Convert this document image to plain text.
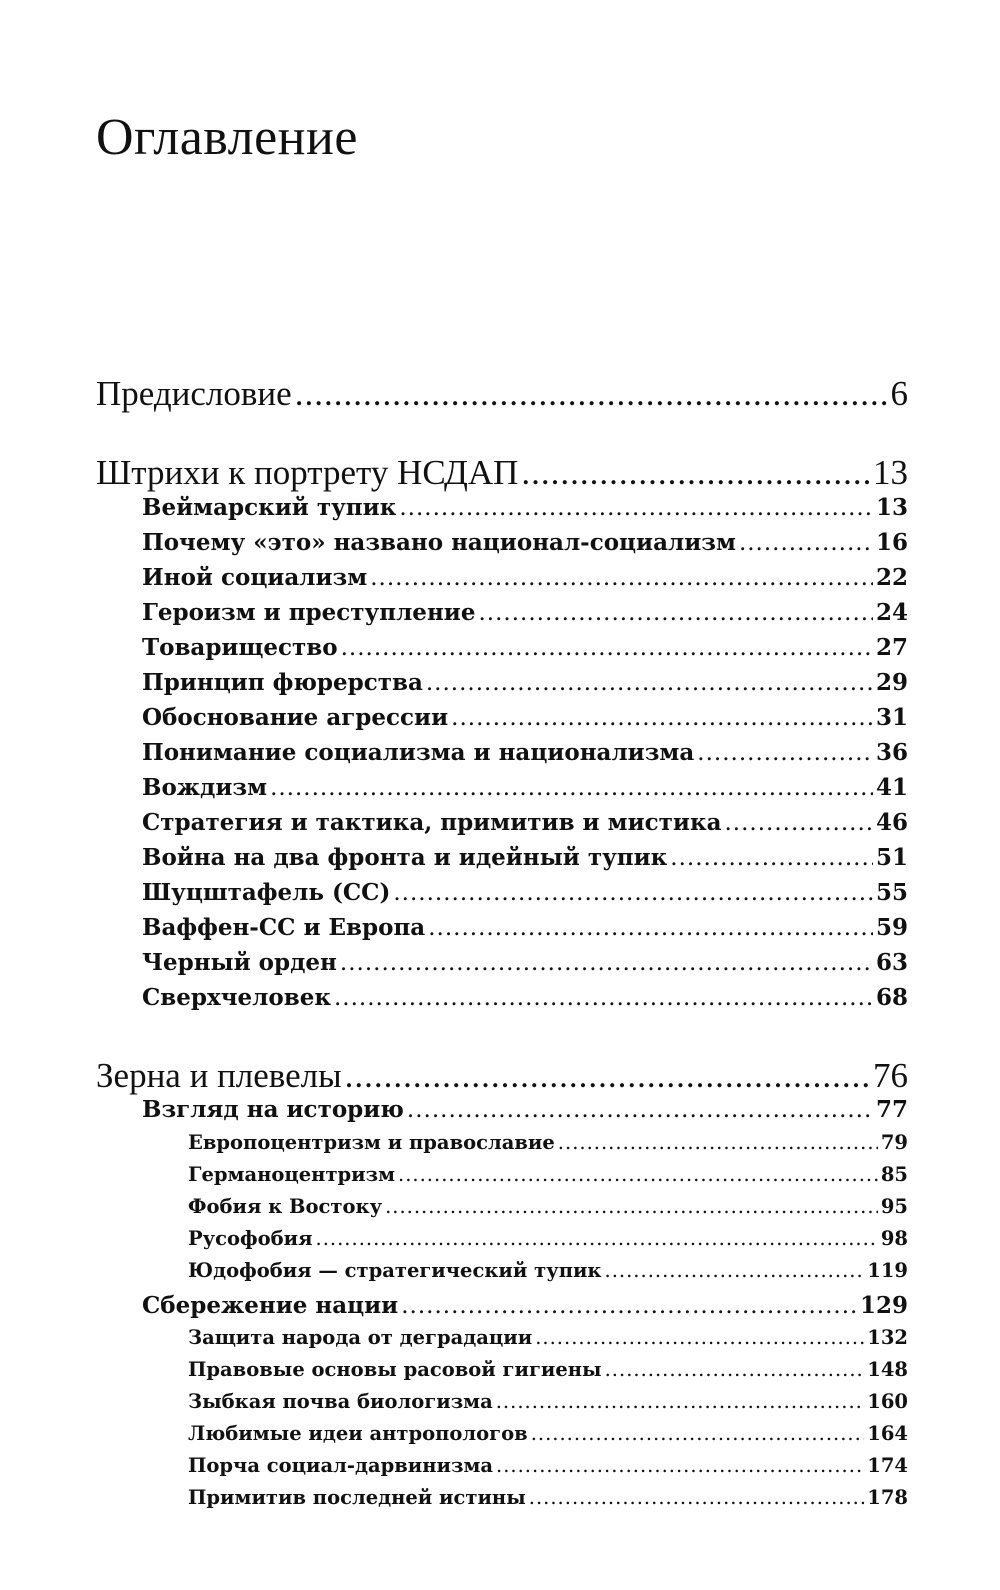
Оглавление
Предисловие .....	6
Штрихи к портрету НСДАП .....	13
Веймарский тупик .....	13
Почему «это» названо национал-социализм .....	16
Иной социализм .....	22
Героизм и преступление .....	24
Товарищество .....	27
Принцип фюрерства .....	29
Обоснование агрессии .....	31
Понимание социализма и национализма .....	36
Вождизм .....	41
Стратегия и тактика, примитив и мистика .....	46
Война на два фронта и идейный тупик .....	51
Шуцштафель (СС) .....	55
Ваффен-СС и Европа .....	59
Черный орден .....	63
Сверхчеловек .....	68
Зерна и плевелы .....	76
Взгляд на историю .....	77
Европоцентризм и православие .....	79
Германоцентризм .....	85
Фобия к Востоку .....	95
Русофобия .....	98
Юдофобия — стратегический тупик .....	119
Сбережение нации .....	129
Защита народа от деградации .....	132
Правовые основы расовой гигиены .....	148
Зыбкая почва биологизма .....	160
Любимые идеи антропологов .....	164
Порча социал-дарвинизма .....	174
Примитив последней истины .....	178
